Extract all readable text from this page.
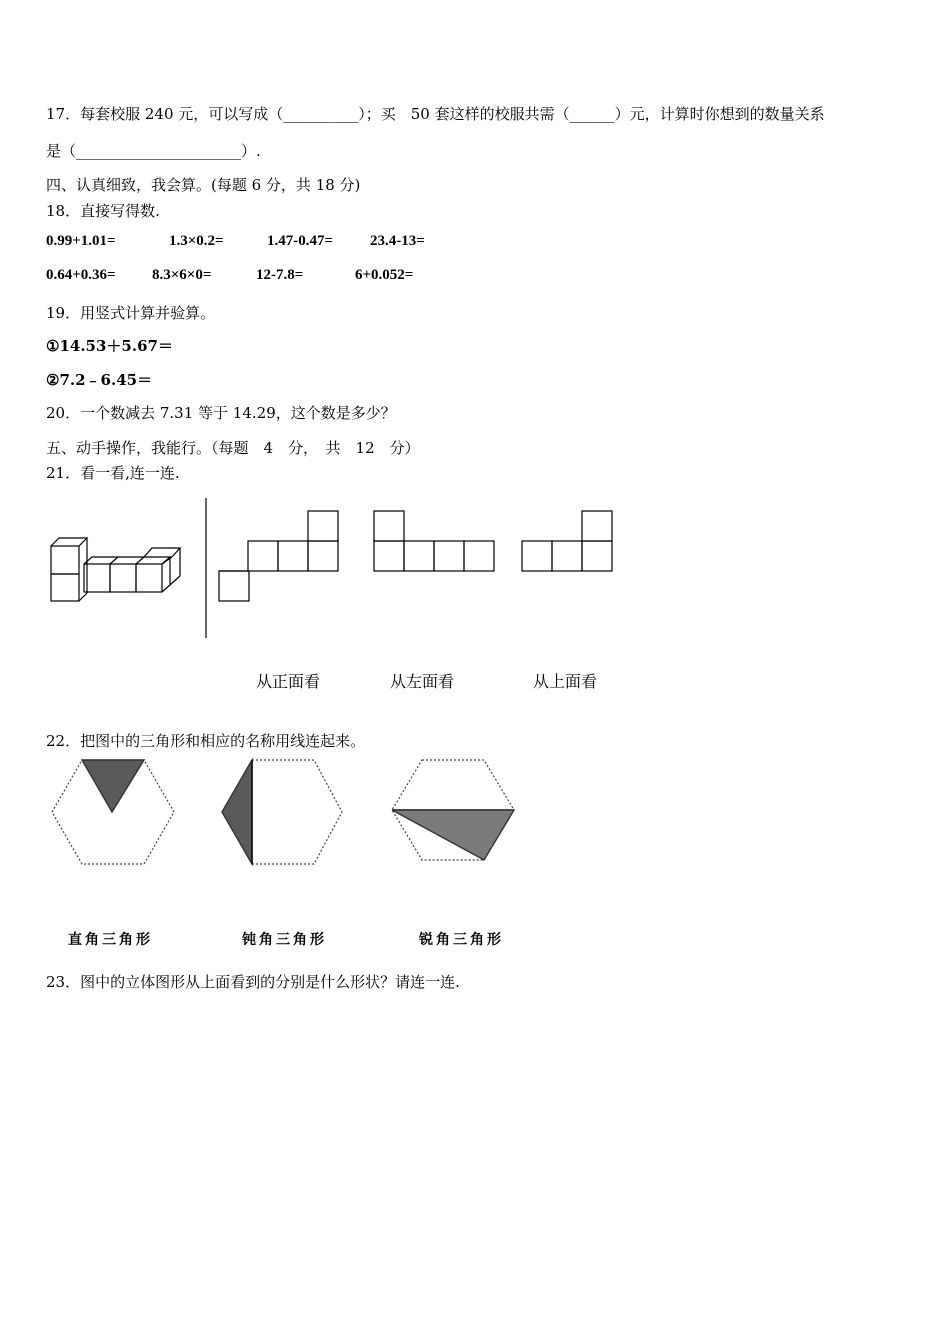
17．每套校服 240 元，可以写成（__________）；买　50 套这样的校服共需（______）元，计算时你想到的数量关系
是（______________________）.
四、认真细致，我会算。(每题 6 分，共 18 分)
18．直接写得数.
0.99+1.01=	1.3×0.2=	1.47-0.47= 23.4-13=
0.64+0.36= 8.3×6×0=	12-7.8=	6+0.052=
19．用竖式计算并验算。
①14.53＋5.67＝
②7.2﹣6.45＝
20．一个数减去 7.31 等于 14.29，这个数是多少？
五、动手操作，我能行。（每题　4　分，　共　12　分）
21．看一看,连一连.
从正面看	从左面看	从上面看
22．把图中的三角形和相应的名称用线连起来。
直角三角形	钝角三角形	锐角三角形
23．图中的立体图形从上面看到的分别是什么形状？请连一连.
